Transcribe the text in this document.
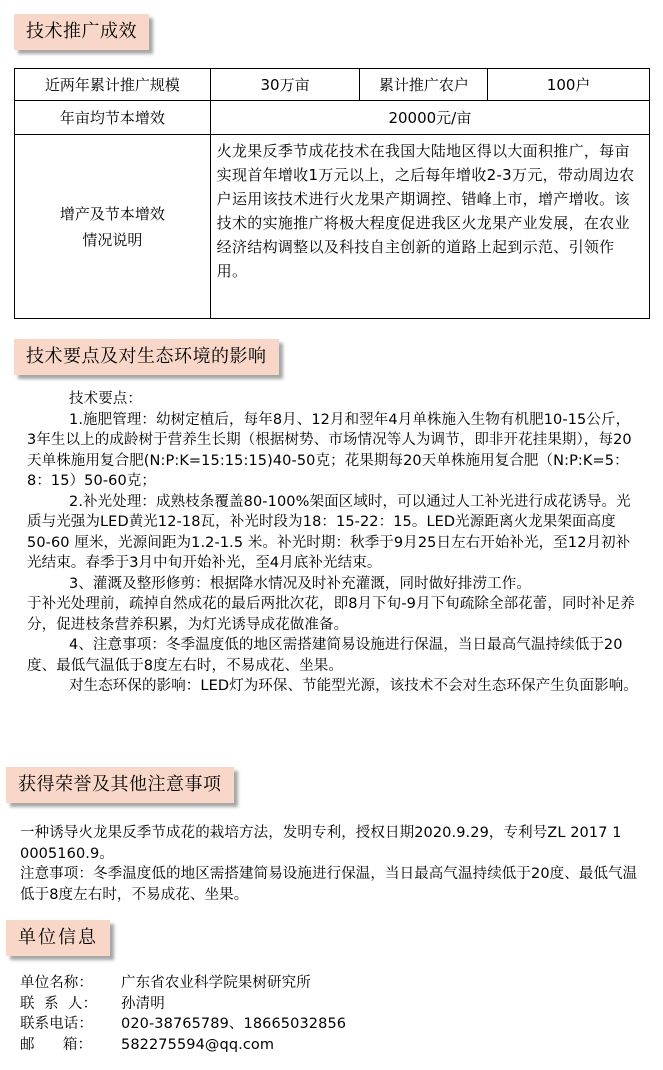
技术推广成效
近两年累计推广规模	30万亩	累计推广农户	100户
年亩均节本增效	20000元/亩		

增产及节本增效
情况说明	火龙果反季节成花技术在我国大陆地区得以大面积推广，每亩实现首年增收1万元以上，之后每年增收2-3万元，带动周边农户运用该技术进行火龙果产期调控、错峰上市，增产增收。该技术的实施推广将极大程度促进我区火龙果产业发展，在农业经济结构调整以及科技自主创新的道路上起到示范、引领作用。		
技术要点及对生态环境的影响

技术要点：

1.施肥管理：幼树定植后，每年8月、12月和翌年4月单株施入生物有机肥10-15公斤，3年生以上的成龄树于营养生长期（根据树势、市场情况等人为调节，即非开花挂果期），每20天单株施用复合肥(N:P:K=15:15:15)40-50克；花果期每20天单株施用复合肥（N:P:K=5：8：15）50-60克；

2.补光处理：成熟枝条覆盖80-100%架面区域时，可以通过人工补光进行成花诱导。光质与光强为LED黄光12-18瓦，补光时段为18：15-22：15。LED光源距离火龙果架面高度50-60 厘米，光源间距为1.2-1.5 米。补光时期：秋季于9月25日左右开始补光，至12月初补光结束。春季于3月中旬开始补光，至4月底补光结束。

3、灌溉及整形修剪：根据降水情况及时补充灌溉，同时做好排涝工作。

于补光处理前，疏掉自然成花的最后两批次花，即8月下旬-9月下旬疏除全部花蕾，同时补足养分，促进枝条营养积累，为灯光诱导成花做准备。

4、注意事项：冬季温度低的地区需搭建简易设施进行保温，当日最高气温持续低于20度、最低气温低于8度左右时，不易成花、坐果。

对生态环保的影响：LED灯为环保、节能型光源，该技术不会对生态环保产生负面影响。

获得荣誉及其他注意事项

一种诱导火龙果反季节成花的栽培方法，发明专利，授权日期2020.9.29，专利号ZL 2017 1 0005160.9。

注意事项：冬季温度低的地区需搭建简易设施进行保温，当日最高气温持续低于20度、最低气温低于8度左右时，不易成花、坐果。

单位信息
单位名称：	广东省农业科学院果树研究所
联  系  人：	孙清明
联系电话：	020-38765789、18665032856
邮      箱：	582275594@qq.com
